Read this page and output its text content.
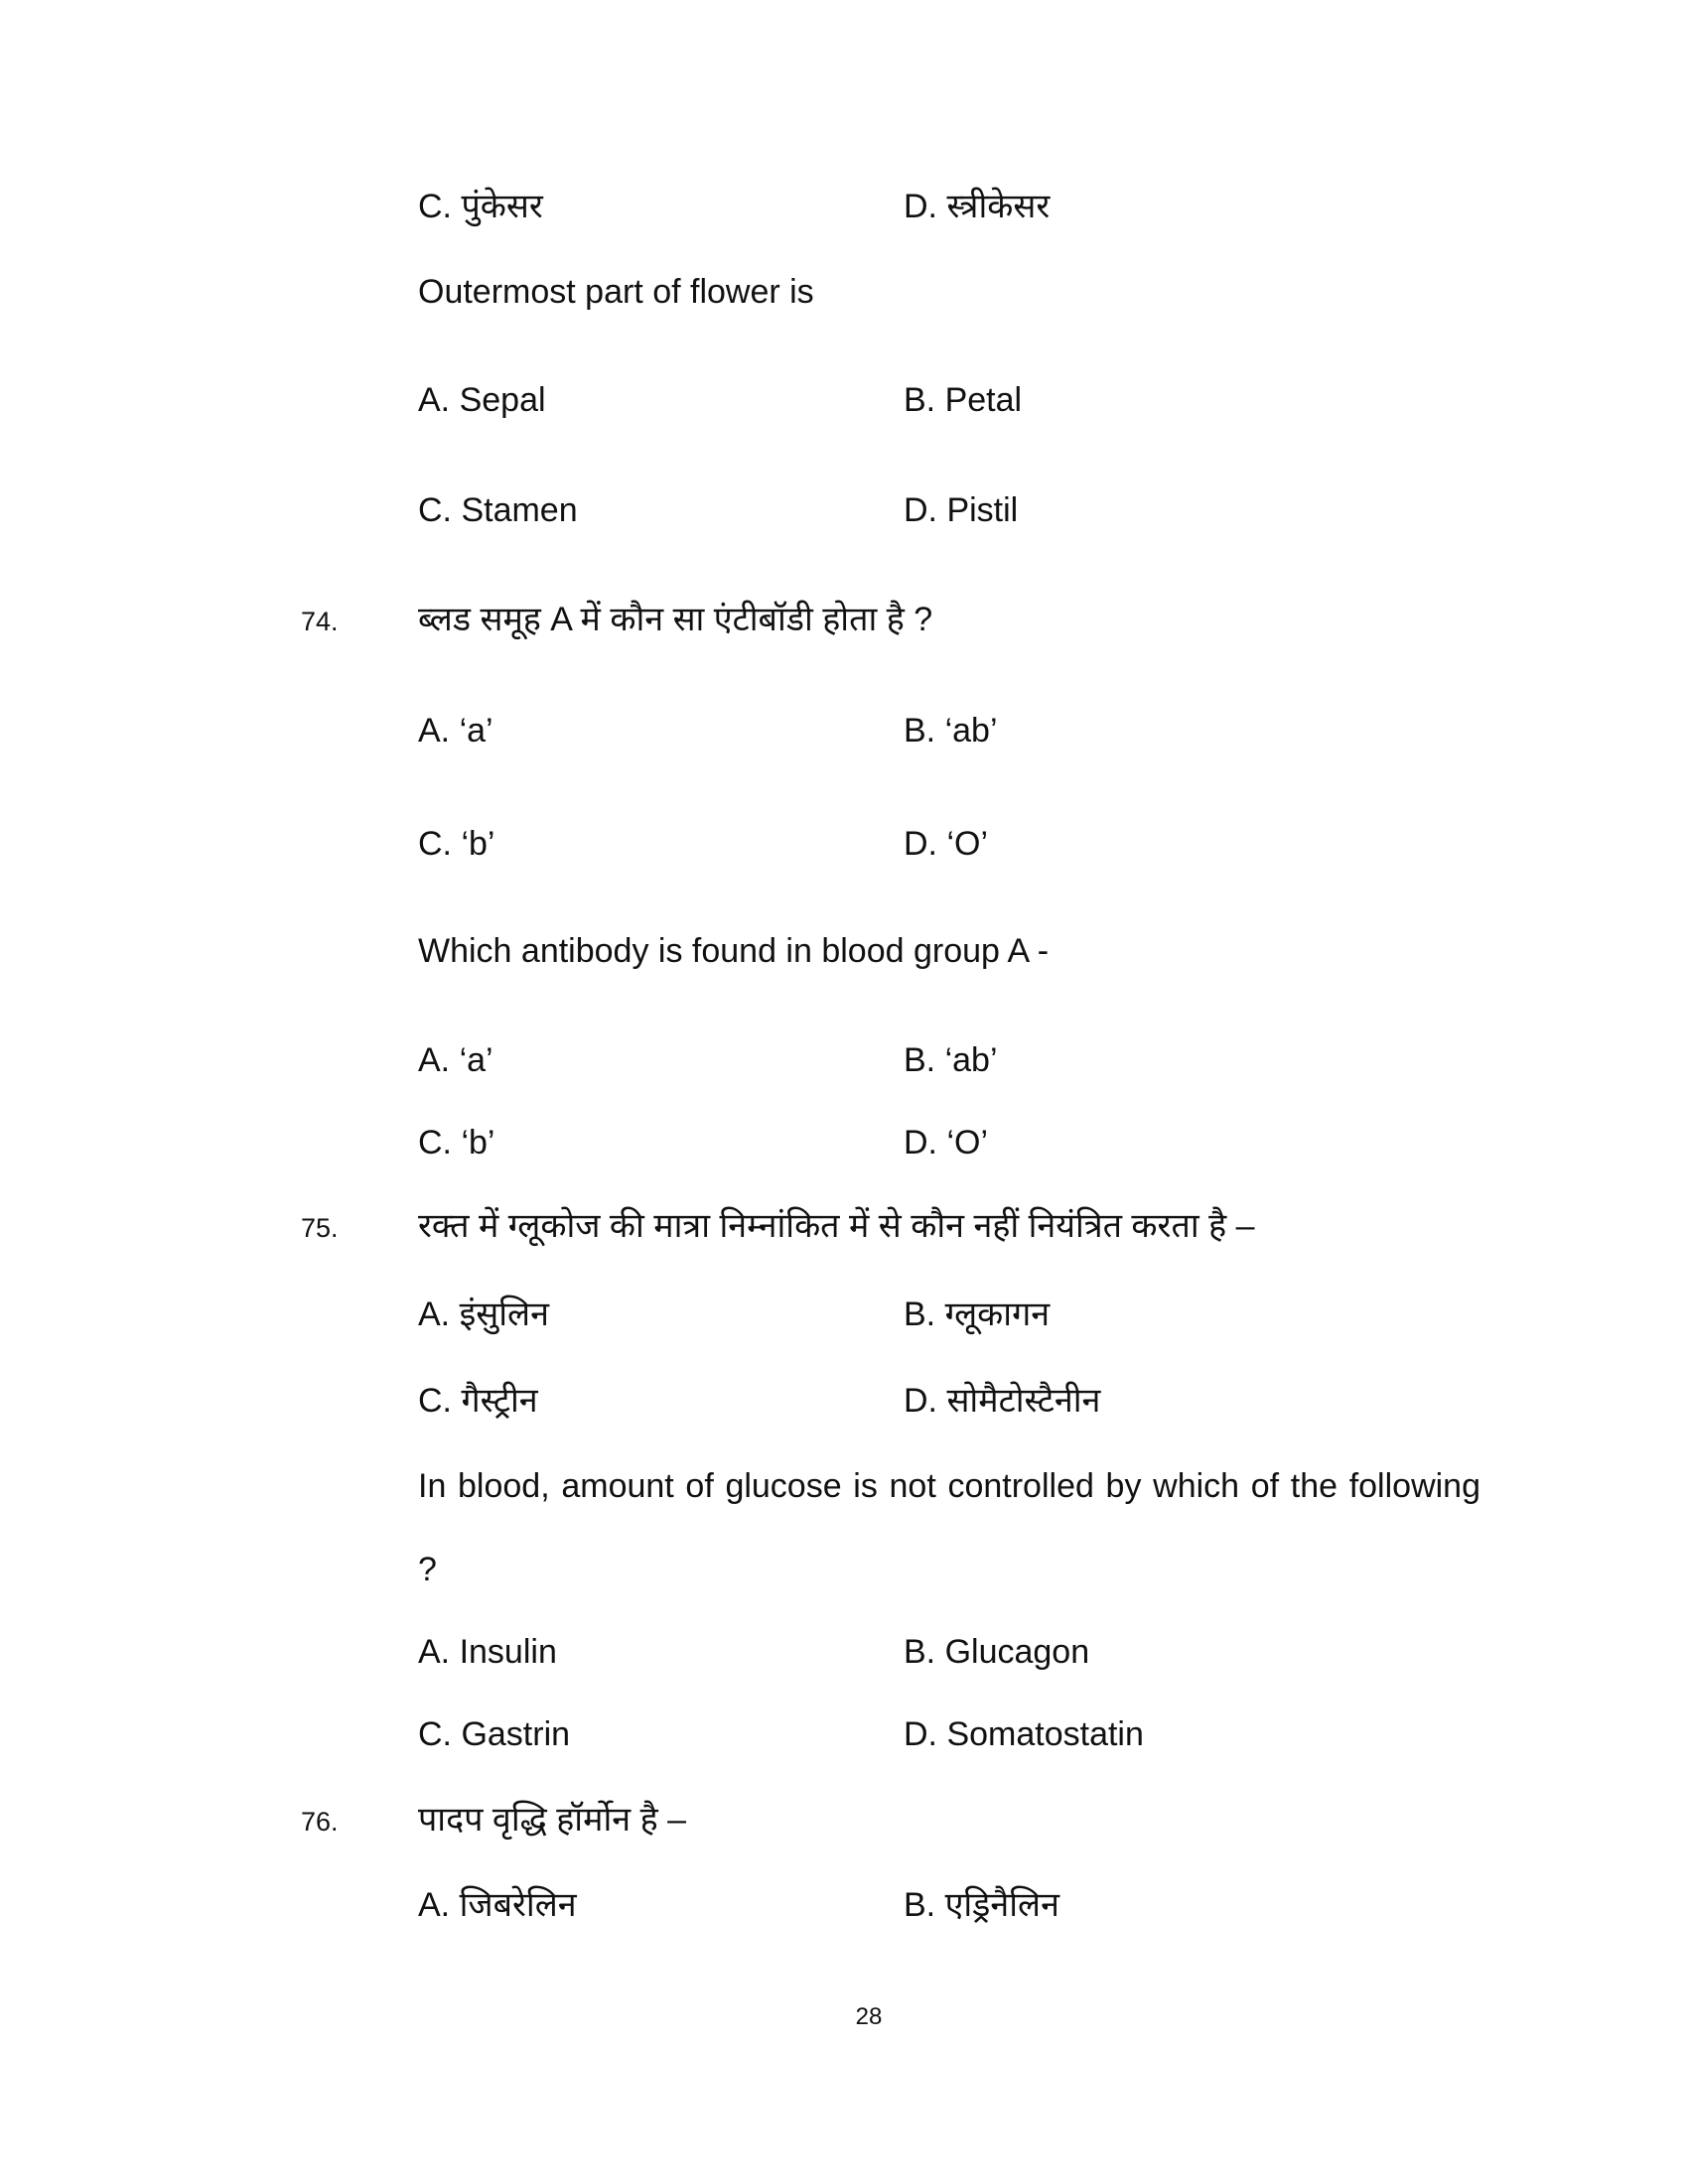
C. पुंकेसर	D. स्त्रीकेसर
Outermost part of flower is
A. Sepal	B. Petal
C. Stamen	D. Pistil
74. ब्लड समूह A में कौन सा एंटीबॉडी होता है ?
A. ‘a’	B. ‘ab’
C. ‘b’	D. ‘O’
Which antibody is found in blood group A -
A. ‘a’	B. ‘ab’
C. ‘b’	D. ‘O’
75. रक्त में ग्लूकोज की मात्रा निम्नांकित में से कौन नहीं नियंत्रित करता है –
A. इंसुलिन	B. ग्लूकागन
C. गैस्ट्रीन	D. सोमैटोस्टैनीन
In blood, amount of glucose is not controlled by which of the following ?
A. Insulin	B. Glucagon
C. Gastrin	D. Somatostatin
76. पादप वृद्धि हॉर्मोन है –
A. जिबरेलिन	B. एड्रिनैलिन
28
